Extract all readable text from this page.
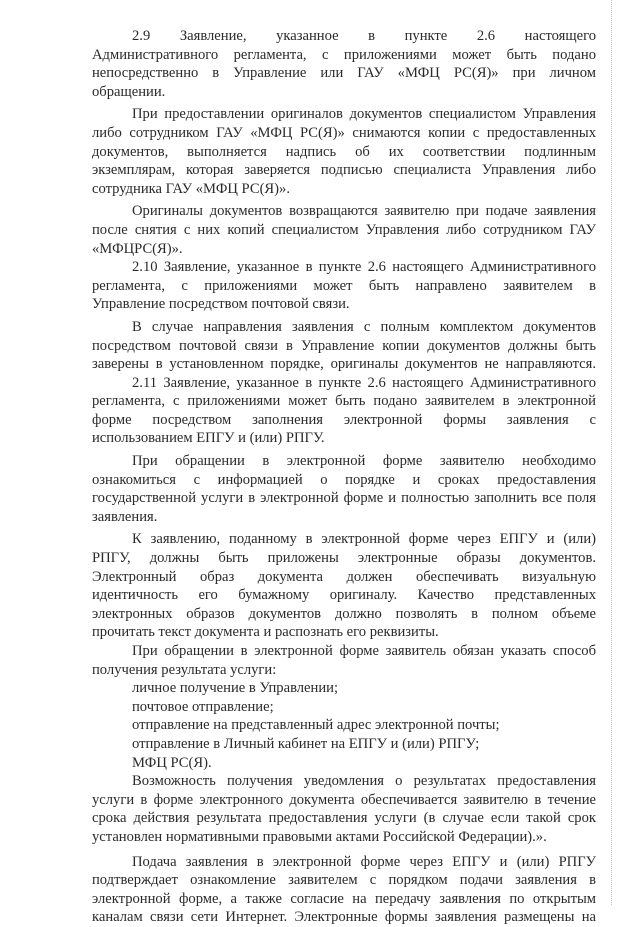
2.9 Заявление, указанное в пункте 2.6 настоящего
Административного регламента, с приложениями может быть подано
непосредственно в Управление или ГАУ «МФЦ РС(Я)» при личном
обращении.
При предоставлении оригиналов документов специалистом Управления
либо сотрудником ГАУ «МФЦ РС(Я)» снимаются копии с предоставленных
документов, выполняется надпись об их соответствии подлинным
экземплярам, которая заверяется подписью специалиста Управления либо
сотрудника ГАУ «МФЦ РС(Я)».
Оригиналы документов возвращаются заявителю при подаче заявления
после снятия с них копий специалистом Управления либо сотрудником ГАУ
«МФЦРС(Я)».
2.10 Заявление, указанное в пункте 2.6 настоящего Административного
регламента, с приложениями может быть направлено заявителем в
Управление посредством почтовой связи.
В случае направления заявления с полным комплектом документов
посредством почтовой связи в Управление копии документов должны быть
заверены в установленном порядке, оригиналы документов не направляются.
2.11 Заявление, указанное в пункте 2.6 настоящего Административного
регламента, с приложениями может быть подано заявителем в электронной
форме посредством заполнения электронной формы заявления с
использованием ЕПГУ и (или) РПГУ.
При обращении в электронной форме заявителю необходимо
ознакомиться с информацией о порядке и сроках предоставления
государственной услуги в электронной форме и полностью заполнить все поля
заявления.
К заявлению, поданному в электронной форме через ЕПГУ и (или)
РПГУ, должны быть приложены электронные образы документов.
Электронный образ документа должен обеспечивать визуальную
идентичность его бумажному оригиналу. Качество представленных
электронных образов документов должно позволять в полном объеме
прочитать текст документа и распознать его реквизиты.
При обращении в электронной форме заявитель обязан указать способ
получения результата услуги:
личное получение в Управлении;
почтовое отправление;
отправление на представленный адрес электронной почты;
отправление в Личный кабинет на ЕПГУ и (или) РПГУ;
МФЦ РС(Я).
Возможность получения уведомления о результатах предоставления
услуги в форме электронного документа обеспечивается заявителю в течение
срока действия результата предоставления услуги (в случае если такой срок
установлен нормативными правовыми актами Российской Федерации).».
Подача заявления в электронной форме через ЕПГУ и (или) РПГУ
подтверждает ознакомление заявителем с порядком подачи заявления в
электронной форме, а также согласие на передачу заявления по открытым
каналам связи сети Интернет. Электронные формы заявления размещены на
